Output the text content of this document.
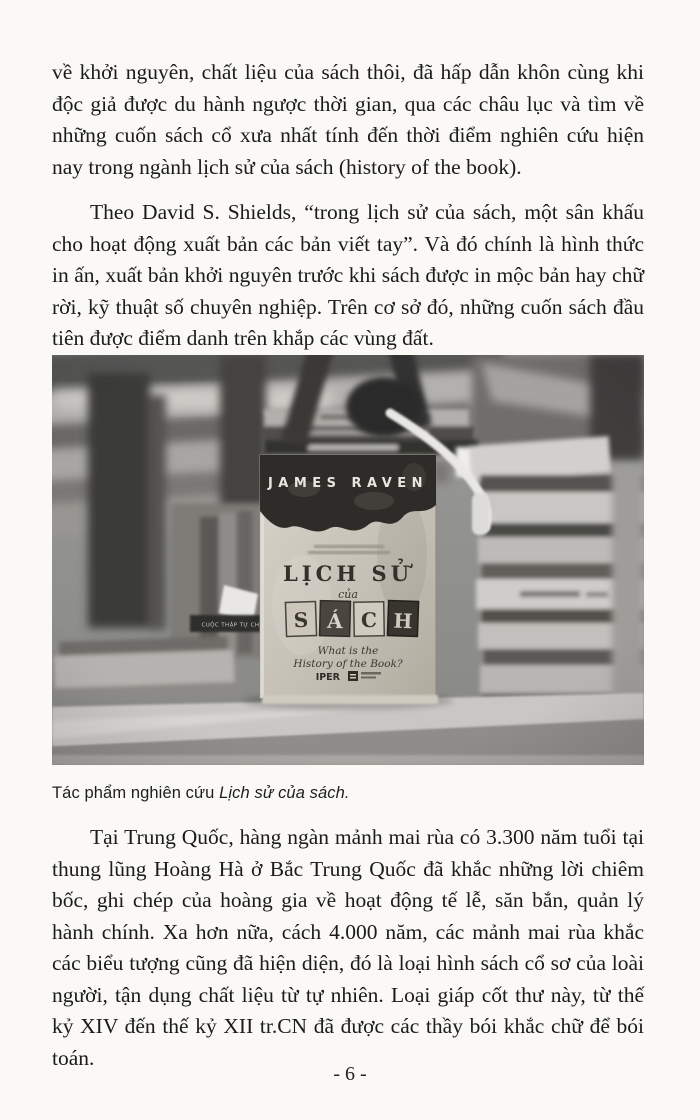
về khởi nguyên, chất liệu của sách thôi, đã hấp dẫn khôn cùng khi độc giả được du hành ngược thời gian, qua các châu lục và tìm về những cuốn sách cổ xưa nhất tính đến thời điểm nghiên cứu hiện nay trong ngành lịch sử của sách (history of the book).

Theo David S. Shields, “trong lịch sử của sách, một sân khấu cho hoạt động xuất bản các bản viết tay”. Và đó chính là hình thức in ấn, xuất bản khởi nguyên trước khi sách được in mộc bản hay chữ rời, kỹ thuật số chuyên nghiệp. Trên cơ sở đó, những cuốn sách đầu tiên được điểm danh trên khắp các vùng đất.

Tác phẩm nghiên cứu Lịch sử của sách.

Tại Trung Quốc, hàng ngàn mảnh mai rùa có 3.300 năm tuổi tại thung lũng Hoàng Hà ở Bắc Trung Quốc đã khắc những lời chiêm bốc, ghi chép của hoàng gia về hoạt động tế lễ, săn bắn, quản lý hành chính. Xa hơn nữa, cách 4.000 năm, các mảnh mai rùa khắc các biểu tượng cũng đã hiện diện, đó là loại hình sách cổ sơ của loài người, tận dụng chất liệu từ tự nhiên. Loại giáp cốt thư này, từ thế kỷ XIV đến thế kỷ XII tr.CN đã được các thầy bói khắc chữ để bói toán.

- 6 -
